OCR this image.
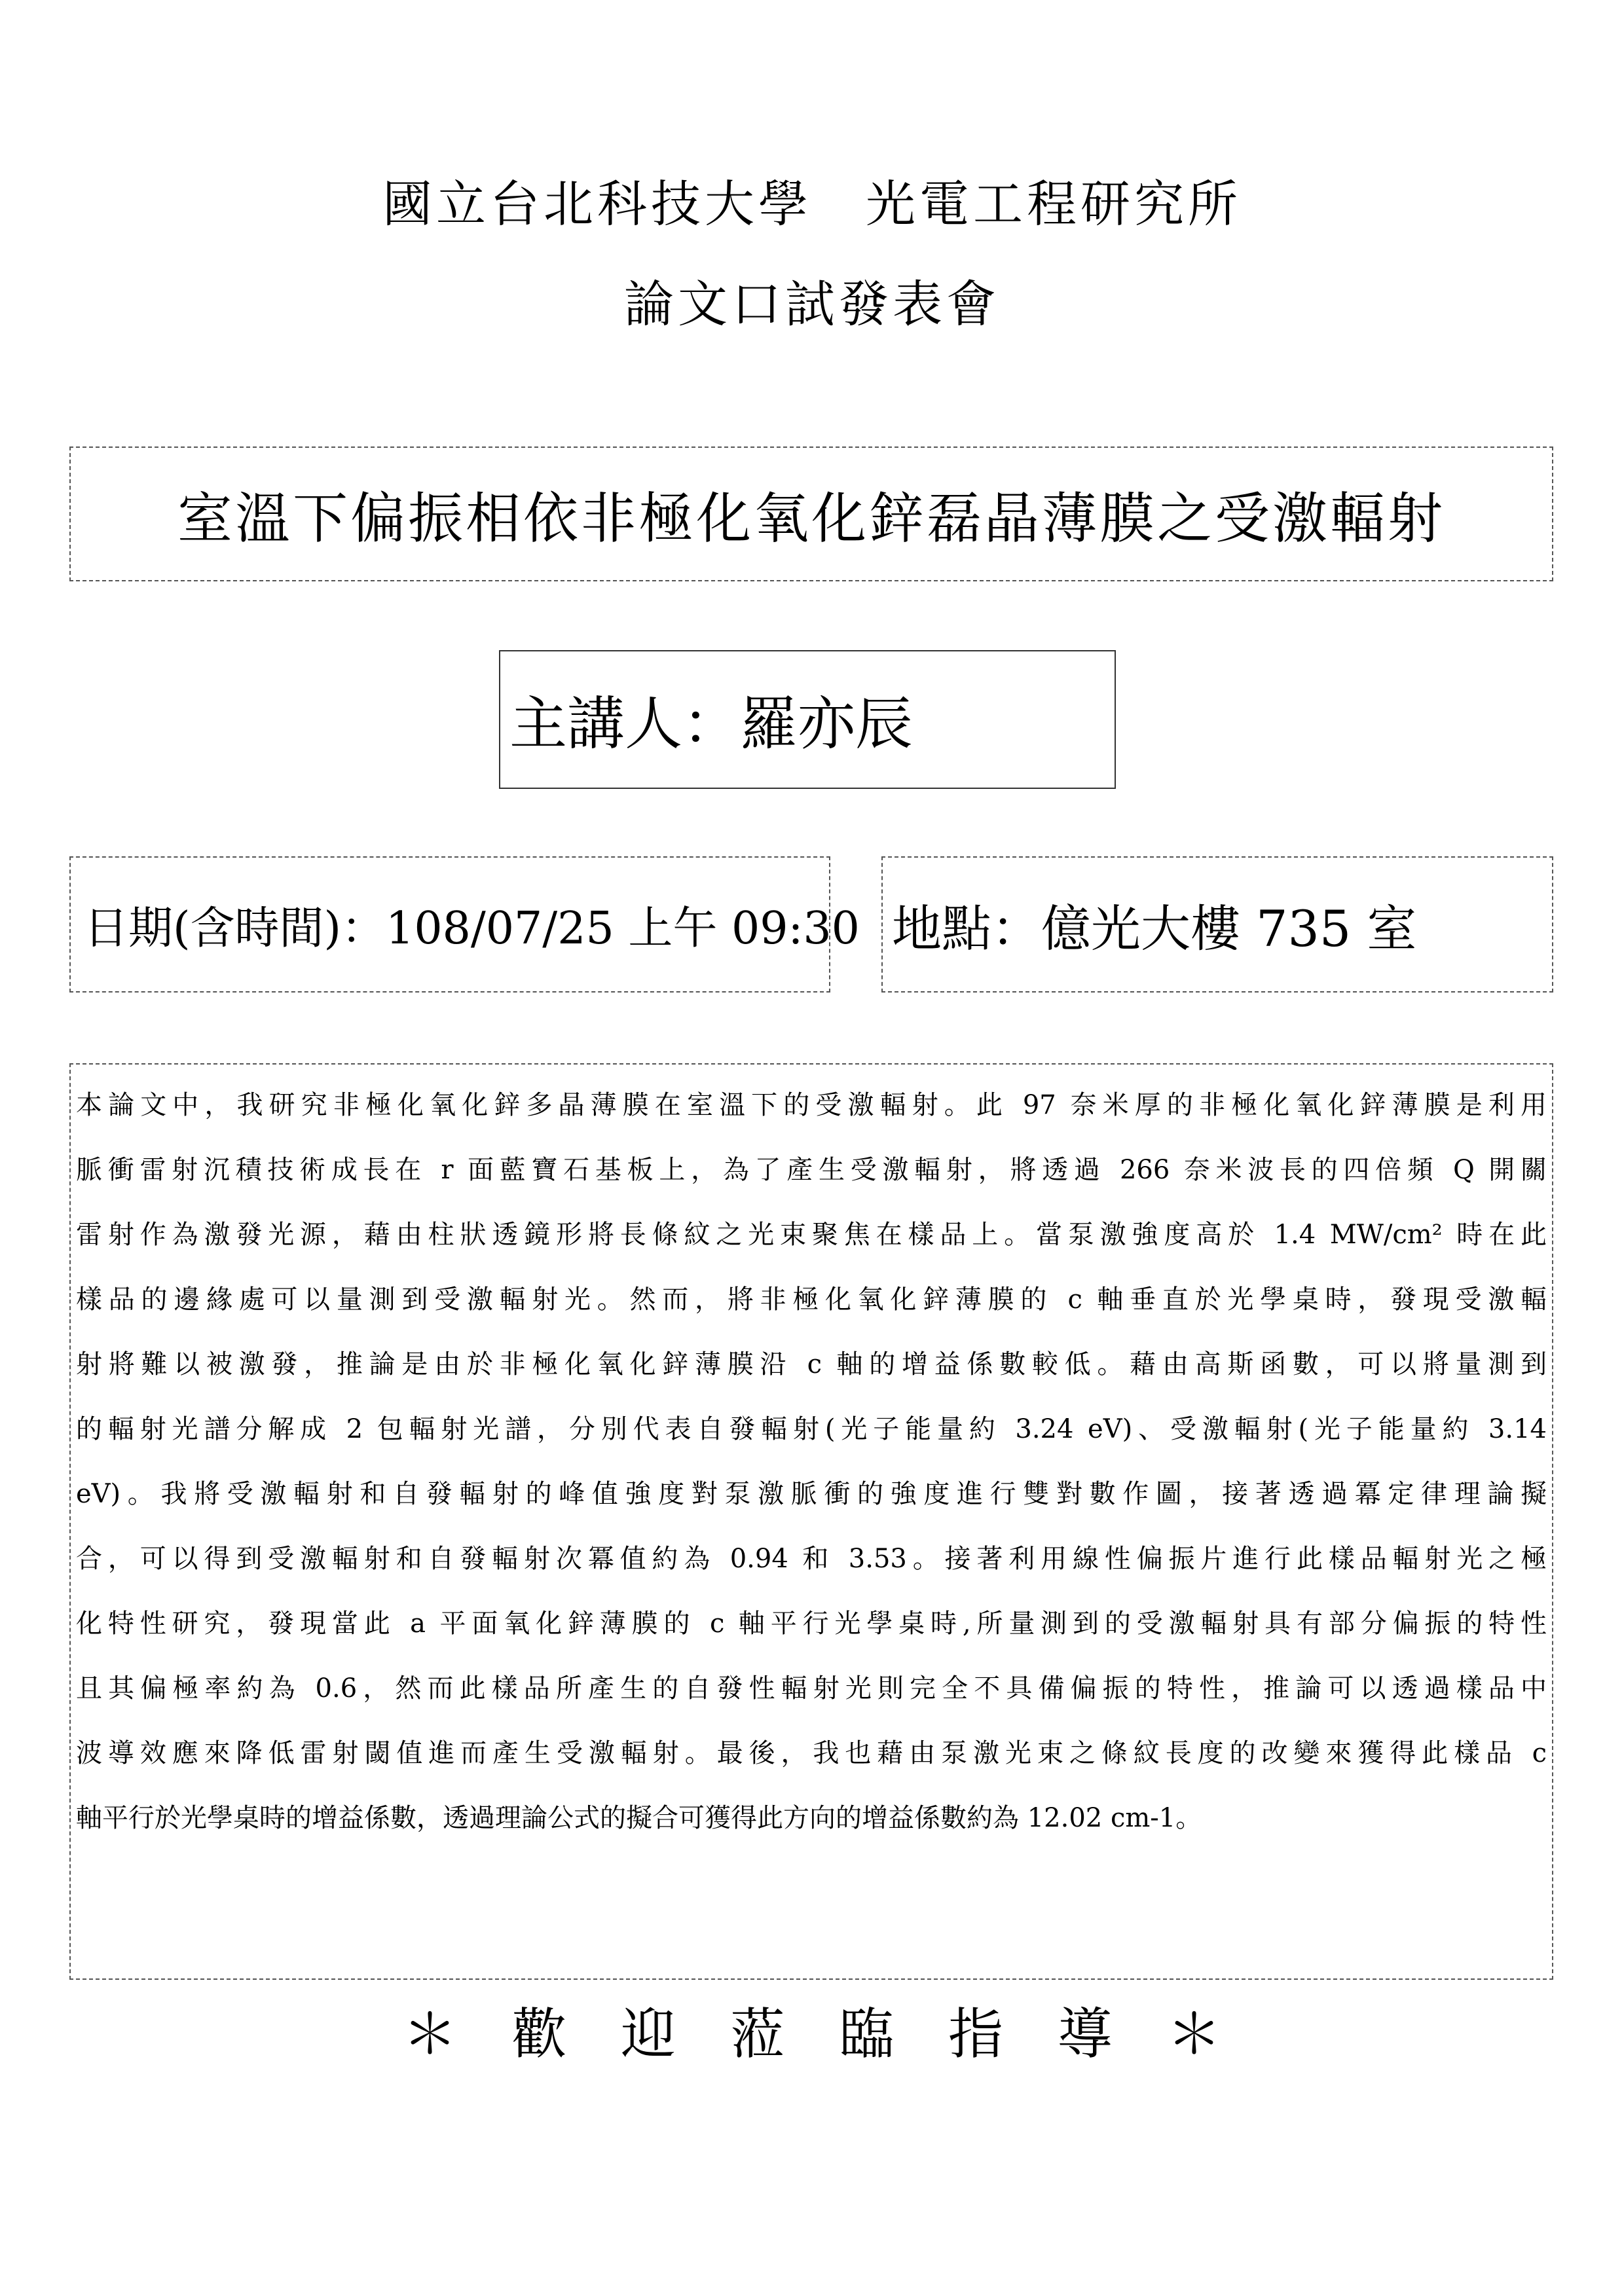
國立台北科技大學　光電工程研究所
論文口試發表會
室溫下偏振相依非極化氧化鋅磊晶薄膜之受激輻射
主講人：羅亦辰
日期(含時間)：108/07/25 上午 09:30 地點：億光大樓 735 室
本論文中，我研究非極化氧化鋅多晶薄膜在室溫下的受激輻射。此 97 奈米厚的非極化氧化鋅薄膜是利用
脈衝雷射沉積技術成長在 r 面藍寶石基板上，為了產生受激輻射，將透過 266 奈米波長的四倍頻 Q 開關
雷射作為激發光源，藉由柱狀透鏡形將長條紋之光束聚焦在樣品上。當泵激強度高於 1.4 MW/cm² 時在此
樣品的邊緣處可以量測到受激輻射光。然而，將非極化氧化鋅薄膜的 c 軸垂直於光學桌時，發現受激輻
射將難以被激發，推論是由於非極化氧化鋅薄膜沿 c 軸的增益係數較低。藉由高斯函數，可以將量測到
的輻射光譜分解成 2 包輻射光譜，分別代表自發輻射(光子能量約 3.24 eV)、受激輻射(光子能量約 3.14
eV)。我將受激輻射和自發輻射的峰值強度對泵激脈衝的強度進行雙對數作圖，接著透過冪定律理論擬
合，可以得到受激輻射和自發輻射次冪值約為 0.94 和 3.53。接著利用線性偏振片進行此樣品輻射光之極
化特性研究，發現當此 a 平面氧化鋅薄膜的 c 軸平行光學桌時,所量測到的受激輻射具有部分偏振的特性
且其偏極率約為 0.6，然而此樣品所產生的自發性輻射光則完全不具備偏振的特性，推論可以透過樣品中
波導效應來降低雷射閾值進而產生受激輻射。最後，我也藉由泵激光束之條紋長度的改變來獲得此樣品 c
軸平行於光學桌時的增益係數，透過理論公式的擬合可獲得此方向的增益係數約為 12.02 cm-1。
＊ 歡 迎 蒞 臨 指 導 ＊
